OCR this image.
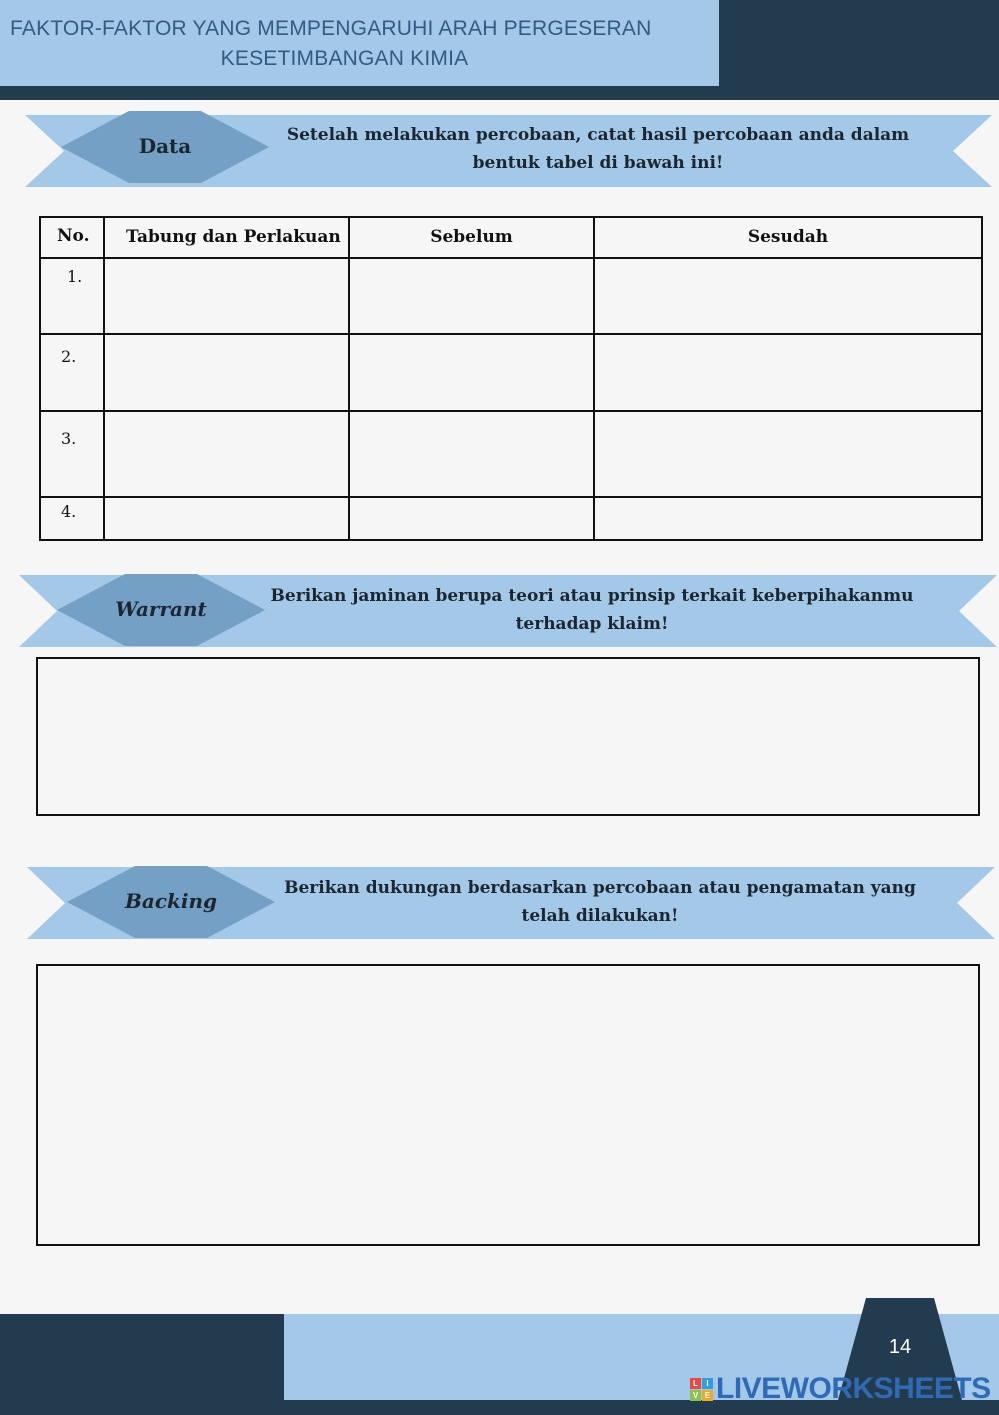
FAKTOR-FAKTOR YANG MEMPENGARUHI ARAH PERGESERAN
KESETIMBANGAN KIMIA
Data	Setelah melakukan percobaan, catat hasil percobaan anda dalam
bentuk tabel di bawah ini!
No.	Tabung dan Perlakuan	Sebelum	Sesudah
1.
2.
3.
4.
Warrant
Berikan jaminan berupa teori atau prinsip terkait keberpihakanmu
terhadap klaim!
Backing
Berikan dukungan berdasarkan percobaan atau pengamatan yang
telah dilakukan!
14
L	I
V E LIVEWORKSHEETS
